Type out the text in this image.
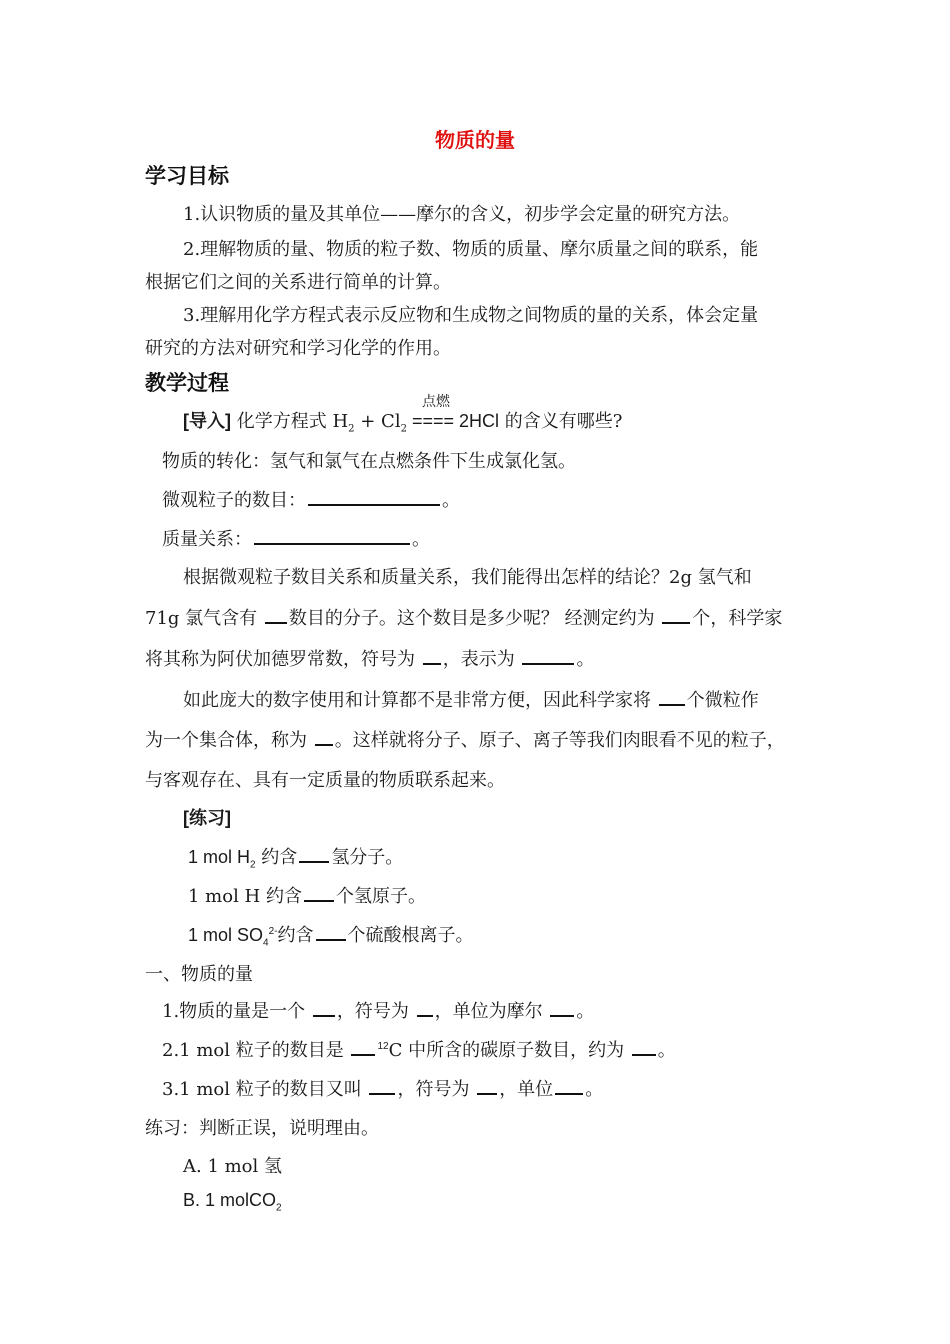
物质的量
学习目标
1.认识物质的量及其单位——摩尔的含义，初步学会定量的研究方法。
2.理解物质的量、物质的粒子数、物质的质量、摩尔质量之间的联系，能
根据它们之间的关系进行简单的计算。
3.理解用化学方程式表示反应物和生成物之间物质的量的关系，体会定量
研究的方法对研究和学习化学的作用。
教学过程
点燃
[导入] 化学方程式 $H_2 + Cl_2$ ==== 2HCl 的含义有哪些?
物质的转化：氢气和氯气在点燃条件下生成氯化氢。
微观粒子的数目：	。
质量关系：	。
根据微观粒子数目关系和质量关系，我们能得出怎样的结论？2g 氢气和
71g 氯气含有 数目的分子。这个数目是多少呢？ 经测定约为 个，科学家
将其称为阿伏加德罗常数，符号为 ，表示为	。
如此庞大的数字使用和计算都不是非常方便，因此科学家将 个微粒作
为一个集合体，称为 。这样就将分子、原子、离子等我们肉眼看不见的粒子，
与客观存在、具有一定质量的物质联系起来。
[练习]
1 mol $H_2$ 约含 氢分子。
1 mol H 约含 个氢原子。
1 mol $SO_4^{2-}$约含 个硫酸根离子。
一、物质的量
1.物质的量是一个 ，符号为 ，单位为摩尔 。
2.1 mol 粒子的数目是	$^{12}$C 中所含的碳原子数目，约为 。
3.1 mol 粒子的数目又叫 ，符号为 ，单位 。
练习：判断正误，说明理由。
A. 1 mol 氢
B. 1 molCO$_2$
